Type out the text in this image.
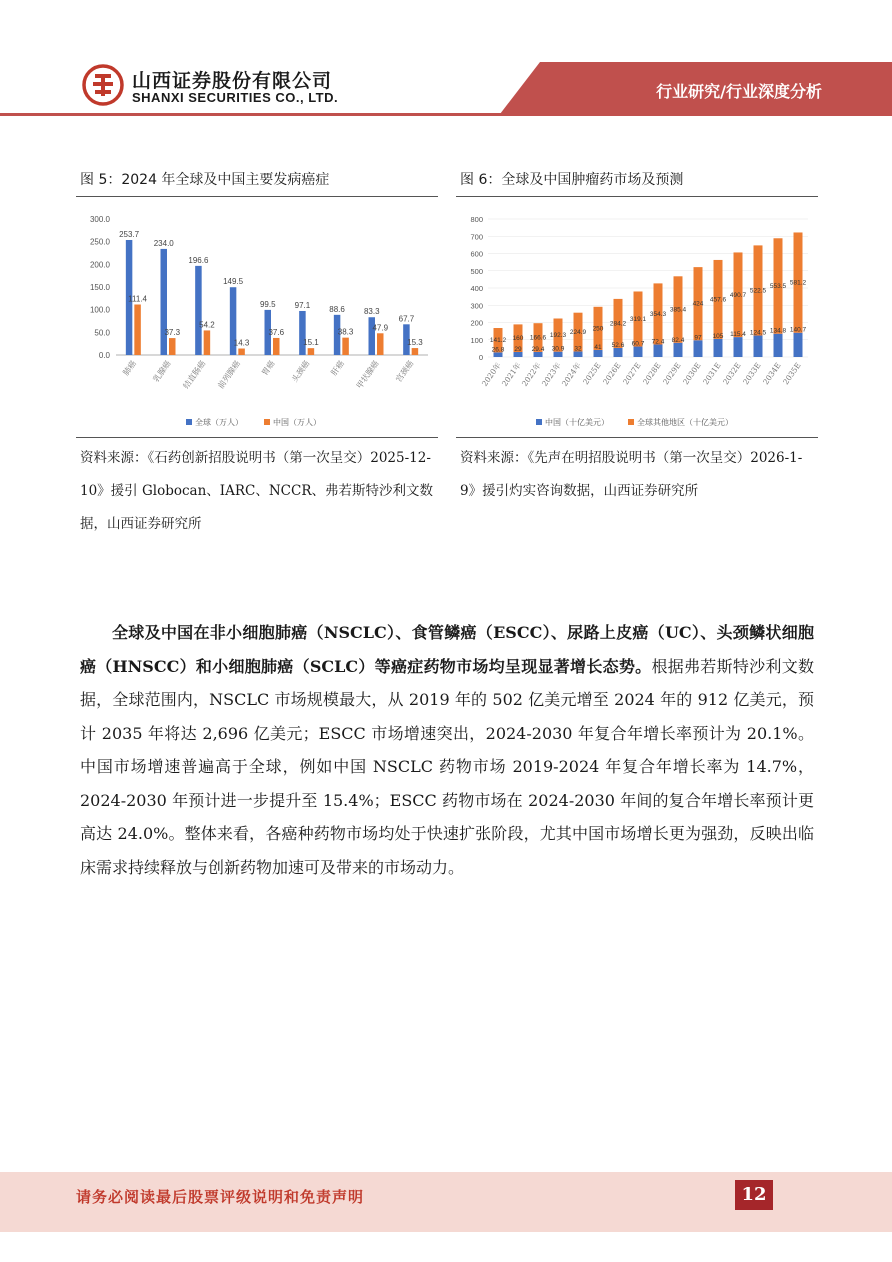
山西证券股份有限公司
SHANXI SECURITIES CO., LTD.	行业研究/行业深度分析
图 5：2024 年全球及中国主要发病癌症
0.0
50.0
100.0
150.0
200.0
250.0
300.0
253.7
111.4
肺癌
234.0
37.3
乳腺癌
196.6
54.2
结直肠癌
149.5
14.3
前列腺癌
99.5
37.6
胃癌
97.1
15.1
头颈癌
88.6
38.3
肝癌
83.3
47.9
甲状腺癌
67.7
15.3
宫颈癌
全球（万人）	中国（万人）
资料来源：《石药创新招股说明书（第一次呈交）2025-12-10》援引 Globocan、IARC、NCCR、弗若斯特沙利文数据，山西证券研究所
图 6：全球及中国肿瘤药市场及预测
0
100
200
300
400
500
600
700
800
26.8
141.2
2020年
29
160
2021年
29.4
166.6
2022年
30.9
192.3
2023年
32
224.9
2024年
41
250
2025E
52.6
284.2
2026E
60.7
319.1
2027E
72.4
354.3
2028E
82.4
385.4
2029E
97
424
2030E
105
457.6
2031E
115.4
490.7
2032E
124.5
522.5
2033E
134.8
553.5
2034E
140.7
581.2
2035E
中国（十亿美元）	全球其他地区（十亿美元）
资料来源：《先声在明招股说明书（第一次呈交）2026-1-9》援引灼实咨询数据，山西证券研究所

全球及中国在非小细胞肺癌（NSCLC）、食管鳞癌（ESCC）、尿路上皮癌（UC）、头颈鳞状细胞癌（HNSCC）和小细胞肺癌（SCLC）等癌症药物市场均呈现显著增长态势。根据弗若斯特沙利文数据，全球范围内，NSCLC 市场规模最大，从 2019 年的 502 亿美元增至 2024 年的 912 亿美元，预计 2035 年将达 2,696 亿美元；ESCC 市场增速突出，2024-2030 年复合年增长率预计为 20.1%。中国市场增速普遍高于全球，例如中国 NSCLC 药物市场 2019-2024 年复合年增长率为 14.7%，2024-2030 年预计进一步提升至 15.4%；ESCC 药物市场在 2024-2030 年间的复合年增长率预计更高达 24.0%。整体来看，各癌种药物市场均处于快速扩张阶段，尤其中国市场增长更为强劲，反映出临床需求持续释放与创新药物加速可及带来的市场动力。

请务必阅读最后股票评级说明和免责声明	12
